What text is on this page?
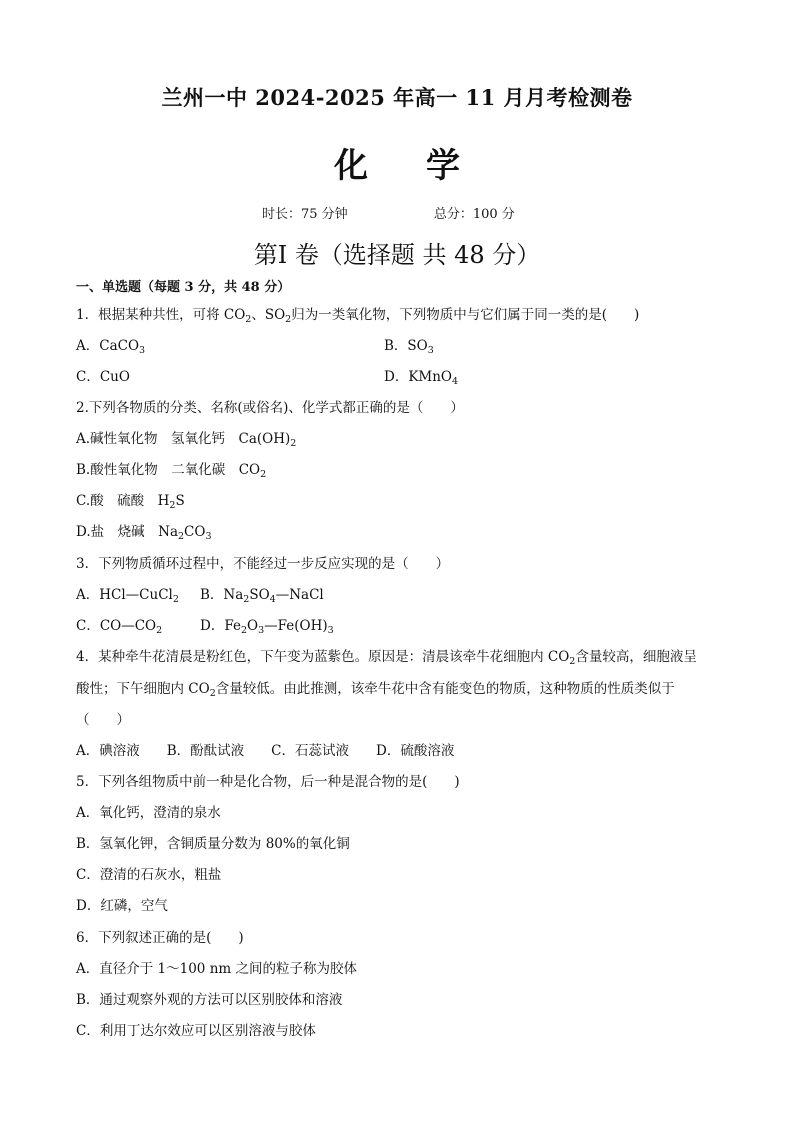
兰州一中 2024-2025 年高一 11 月月考检测卷
化 学
时长：75 分钟	总分：100 分
第Ⅰ 卷（选择题 共 48 分）
一、单选题（每题 3 分，共 48 分）
1．根据某种共性，可将 $CO_2$、$SO_2$归为一类氧化物，下列物质中与它们属于同一类的是(　　)
A．CaCO$_3$	B．$SO_3$
C．CuO	D．KMnO$_4$
2.下列各物质的分类、名称(或俗名)、化学式都正确的是（　　）
A.碱性氧化物　氢氧化钙　$Ca(OH)_2$
B.酸性氧化物　二氧化碳　$CO_2$
C.酸　硫酸　$H_2S$
D.盐　烧碱　$Na_2CO_3$
3．下列物质循环过程中，不能经过一步反应实现的是（　　）
A．HCl—CuCl$_2$ B．$Na_2SO_4—NaCl$
C．$CO—CO_2$	D．$Fe_2O_3—Fe(OH)_3$
4．某种牵牛花清晨是粉红色，下午变为蓝紫色。原因是：清晨该牵牛花细胞内 $CO_2$含量较高，细胞液呈
酸性；下午细胞内 $CO_2$含量较低。由此推测，该牵牛花中含有能变色的物质，这种物质的性质类似于
（　　）
A．碘溶液　　B．酚酞试液　　C．石蕊试液　　D．硫酸溶液
5．下列各组物质中前一种是化合物，后一种是混合物的是(　　)
A．氧化钙，澄清的泉水
B．氢氧化钾，含铜质量分数为 80%的氧化铜
C．澄清的石灰水，粗盐
D．红磷，空气
6．下列叙述正确的是(　　)
A．直径介于 1～100 nm 之间的粒子称为胶体
B．通过观察外观的方法可以区别胶体和溶液
C．利用丁达尔效应可以区别溶液与胶体
